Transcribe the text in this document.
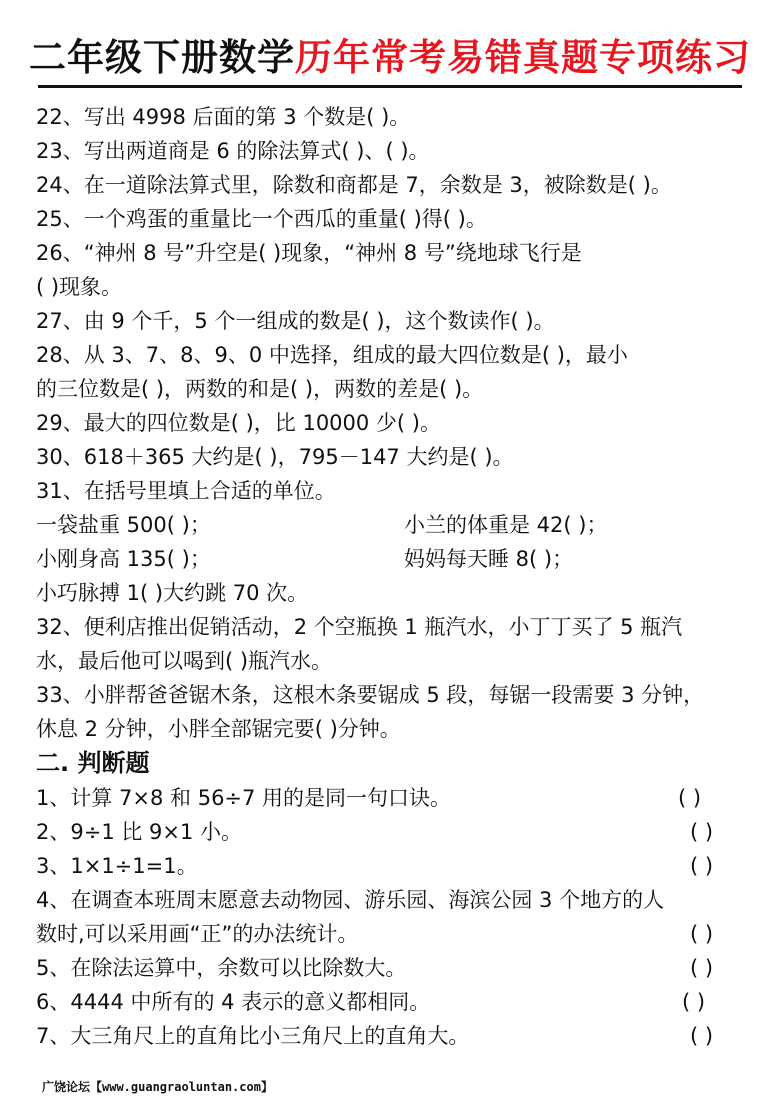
二年级下册数学历年常考易错真题专项练习
22、写出 4998 后面的第 3 个数是( )。
23、写出两道商是 6 的除法算式( )、( )。
24、在一道除法算式里，除数和商都是 7，余数是 3，被除数是( )。
25、一个鸡蛋的重量比一个西瓜的重量( )得( )。
26、“神州 8 号”升空是( )现象，“神州 8 号”绕地球飞行是
( )现象。
27、由 9 个千，5 个一组成的数是( )，这个数读作( )。
28、从 3、7、8、9、0 中选择，组成的最大四位数是( )，最小
的三位数是( )，两数的和是( )，两数的差是( )。
29、最大的四位数是( )，比 10000 少( )。
30、618＋365 大约是( )，795－147 大约是( )。
31、在括号里填上合适的单位。
一袋盐重 500( )；	小兰的体重是 42( )；
小刚身高 135( )；	妈妈每天睡 8( )；
小巧脉搏 1( )大约跳 70 次。
32、便利店推出促销活动，2 个空瓶换 1 瓶汽水，小丁丁买了 5 瓶汽
水，最后他可以喝到( )瓶汽水。
33、小胖帮爸爸锯木条，这根木条要锯成 5 段，每锯一段需要 3 分钟，
休息 2 分钟，小胖全部锯完要( )分钟。
二. 判断题
1、计算 7×8 和 56÷7 用的是同一句口诀。	( )
2、9÷1 比 9×1 小。	( )
3、1×1÷1=1。	( )
4、在调查本班周末愿意去动物园、游乐园、海滨公园 3 个地方的人
数时,可以采用画“正”的办法统计。	( )
5、在除法运算中，余数可以比除数大。	( )
6、4444 中所有的 4 表示的意义都相同。	( )
7、大三角尺上的直角比小三角尺上的直角大。	( )
广饶论坛【www.guangraoluntan.com】
